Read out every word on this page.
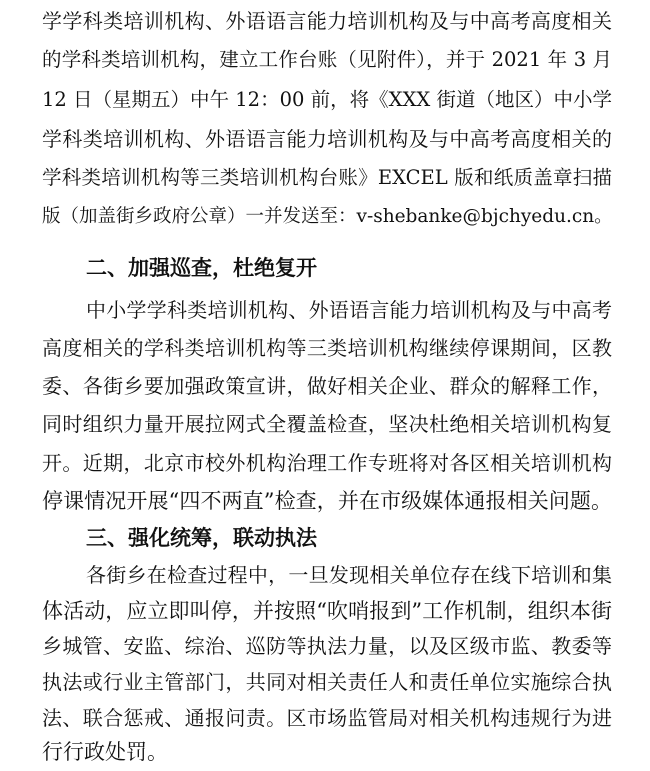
学学科类培训机构、外语语言能力培训机构及与中高考高度相关
的学科类培训机构，建立工作台账（见附件），并于 2021 年 3 月
12 日（星期五）中午 12：00 前，将《XXX 街道（地区）中小学
学科类培训机构、外语语言能力培训机构及与中高考高度相关的
学科类培训机构等三类培训机构台账》EXCEL 版和纸质盖章扫描
版（加盖街乡政府公章）一并发送至：v-shebanke@bjchyedu.cn。
二、加强巡查，杜绝复开
中小学学科类培训机构、外语语言能力培训机构及与中高考
高度相关的学科类培训机构等三类培训机构继续停课期间，区教
委、各街乡要加强政策宣讲，做好相关企业、群众的解释工作，
同时组织力量开展拉网式全覆盖检查，坚决杜绝相关培训机构复
开。近期，北京市校外机构治理工作专班将对各区相关培训机构
停课情况开展“四不两直”检查，并在市级媒体通报相关问题。
三、强化统筹，联动执法
各街乡在检查过程中，一旦发现相关单位存在线下培训和集
体活动，应立即叫停，并按照“吹哨报到”工作机制，组织本街
乡城管、安监、综治、巡防等执法力量，以及区级市监、教委等
执法或行业主管部门，共同对相关责任人和责任单位实施综合执
法、联合惩戒、通报问责。区市场监管局对相关机构违规行为进
行行政处罚。
